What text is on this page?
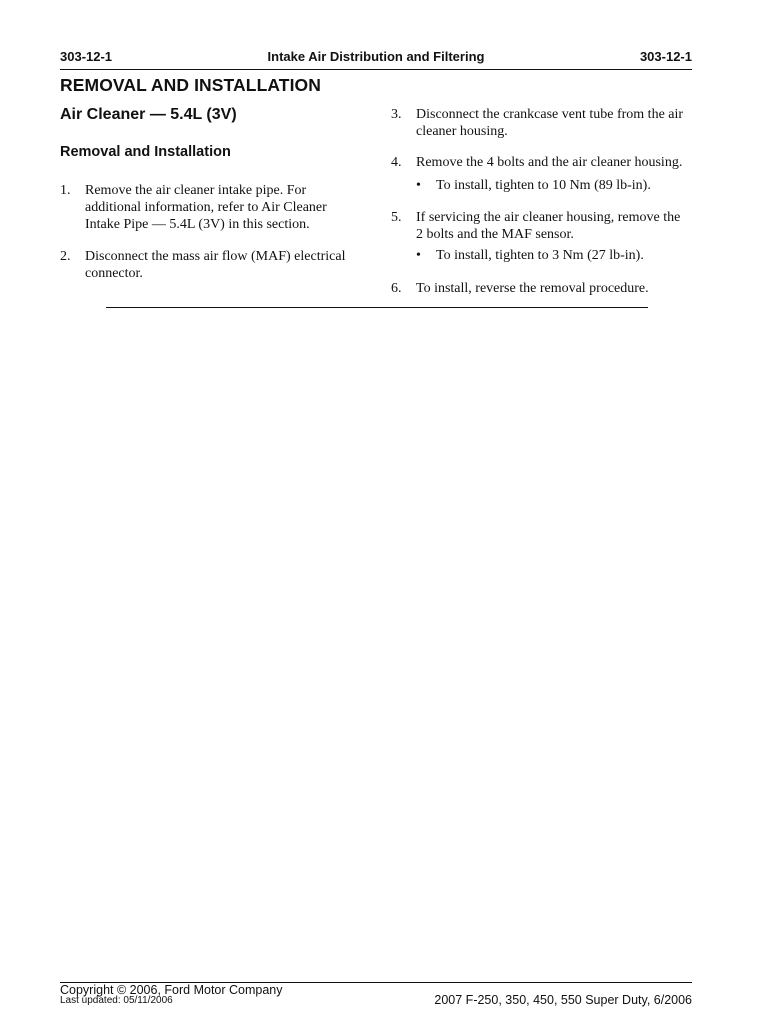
303-12-1	Intake Air Distribution and Filtering	303-12-1
REMOVAL AND INSTALLATION
Air Cleaner — 5.4L (3V)
Removal and Installation
1. Remove the air cleaner intake pipe. For
additional information, refer to Air Cleaner
Intake Pipe — 5.4L (3V) in this section.
2. Disconnect the mass air flow (MAF) electrical
connector.
3. Disconnect the crankcase vent tube from the air
cleaner housing.
4. Remove the 4 bolts and the air cleaner housing.
• To install, tighten to 10 Nm (89 lb-in).
5. If servicing the air cleaner housing, remove the
2 bolts and the MAF sensor.
• To install, tighten to 3 Nm (27 lb-in).
6. To install, reverse the removal procedure.
Copyright © 2006, Ford Motor Company
Last updated: 05/11/2006	2007 F-250, 350, 450, 550 Super Duty, 6/2006
